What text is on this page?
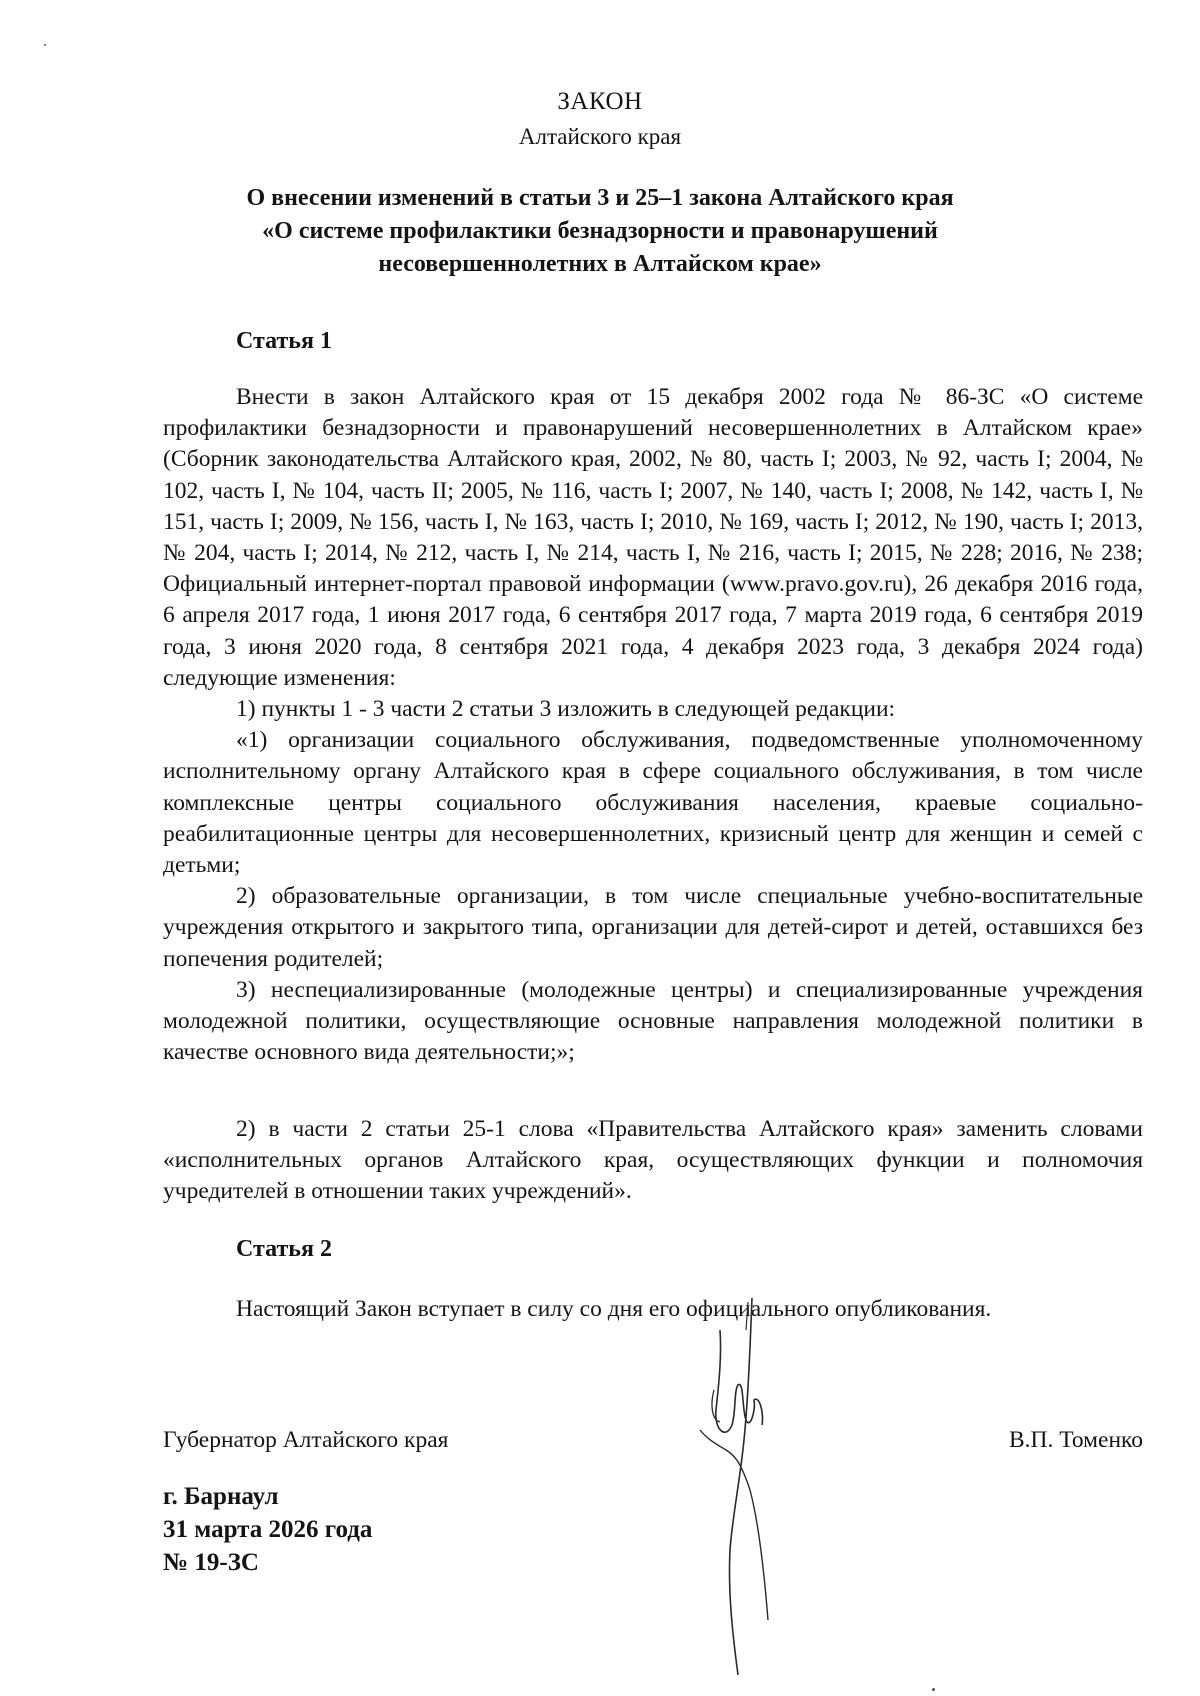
ЗАКОН
Алтайского края
О внесении изменений в статьи 3 и 25–1 закона Алтайского края
«О системе профилактики безнадзорности и правонарушений
несовершеннолетних в Алтайском крае»
Статья 1

Внести в закон Алтайского края от 15 декабря 2002 года № 86-ЗС «О системе профилактики безнадзорности и правонарушений несовершеннолетних в Алтайском крае» (Сборник законодательства Алтайского края, 2002, № 80, часть I; 2003, № 92, часть I; 2004, № 102, часть I, № 104, часть II; 2005, № 116, часть I; 2007, № 140, часть I; 2008, № 142, часть I, № 151, часть I; 2009, № 156, часть I, № 163, часть I; 2010, № 169, часть I; 2012, № 190, часть I; 2013, № 204, часть I; 2014, № 212, часть I, № 214, часть I, № 216, часть I; 2015, № 228; 2016, № 238; Официальный интернет-портал правовой информации (www.pravo.gov.ru), 26 декабря 2016 года, 6 апреля 2017 года, 1 июня 2017 года, 6 сентября 2017 года, 7 марта 2019 года, 6 сентября 2019 года, 3 июня 2020 года, 8 сентября 2021 года, 4 декабря 2023 года, 3 декабря 2024 года) следующие изменения:

1) пункты 1 - 3 части 2 статьи 3 изложить в следующей редакции:

«1) организации социального обслуживания, подведомственные уполномоченному исполнительному органу Алтайского края в сфере социального обслуживания, в том числе комплексные центры социального обслуживания населения, краевые социально-реабилитационные центры для несовершеннолетних, кризисный центр для женщин и семей с детьми;

2) образовательные организации, в том числе специальные учебно-воспитательные учреждения открытого и закрытого типа, организации для детей-сирот и детей, оставшихся без попечения родителей;

3) неспециализированные (молодежные центры) и специализированные учреждения молодежной политики, осуществляющие основные направления молодежной политики в качестве основного вида деятельности;»;

2) в части 2 статьи 25-1 слова «Правительства Алтайского края» заменить словами «исполнительных органов Алтайского края, осуществляющих функции и полномочия учредителей в отношении таких учреждений».

Статья 2

Настоящий Закон вступает в силу со дня его официального опубликования.

Губернатор Алтайского края	В.П. Томенко
г. Барнаул
31 марта 2026 года
№ 19-ЗС
